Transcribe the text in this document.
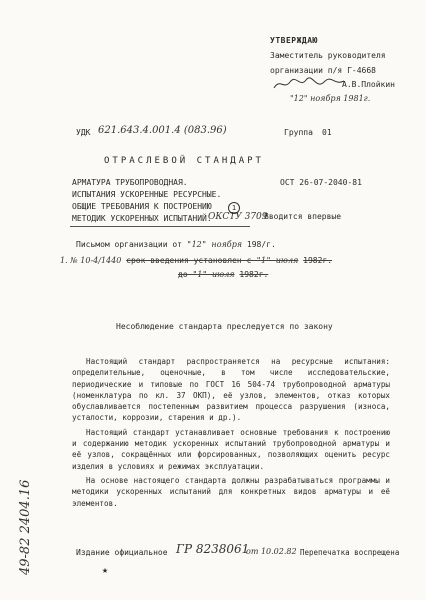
УТВЕРЖДАЮ
Заместитель руководителя
организации п/я Г-4668
А.В.Плойкин
"12" ноября 1981г.
УДК 621.643.4.001.4 (083.96)	Группа 01
ОТРАСЛЕВОЙ СТАНДАРТ
АРМАТУРА ТРУБОПРОВОДНАЯ.
ИСПЫТАНИЯ УСКОРЕННЫЕ РЕСУРСНЫЕ.
ОБЩИЕ ТРЕБОВАНИЯ К ПОСТРОЕНИЮ	1
МЕТОДИК УСКОРЕННЫХ ИСПЫТАНИЙ.
ОКСТУ 3709
ОСТ 26-07-2040-81
Вводится впервые
Письмом организации от "12" ноября 198/г.
1. № 10-4/1440 срок введения установлен с "1" июля 1982г.
до "1" июля 1982г.
Несоблюдение стандарта преследуется по закону

Настоящий стандарт распространяется на ресурсные испытания: определительные, оценочные, в том числе исследовательские, периодические и типовые по ГОСТ 16 504-74 трубопроводной арматуры (номенклатура по кл. 37 ОКП), её узлов, элементов, отказ которых обуславливается постепенным развитием процесса разрушения (износа, усталости, коррозии, старения и др.).

Настоящий стандарт устанавливает основные требования к построению и содержанию методик ускоренных испытаний трубопроводной арматуры и её узлов, сокращённых или форсированных, позволяющих оценить ресурс изделия в условиях и режимах эксплуатации.

На основе настоящего стандарта должны разрабатываться программы и методики ускоренных испытаний для конкретных видов арматуры и её элементов.

Издание официальное ГР 8238061
от 10.02.82 Перепечатка воспрещена
★
49-82 2404.16
